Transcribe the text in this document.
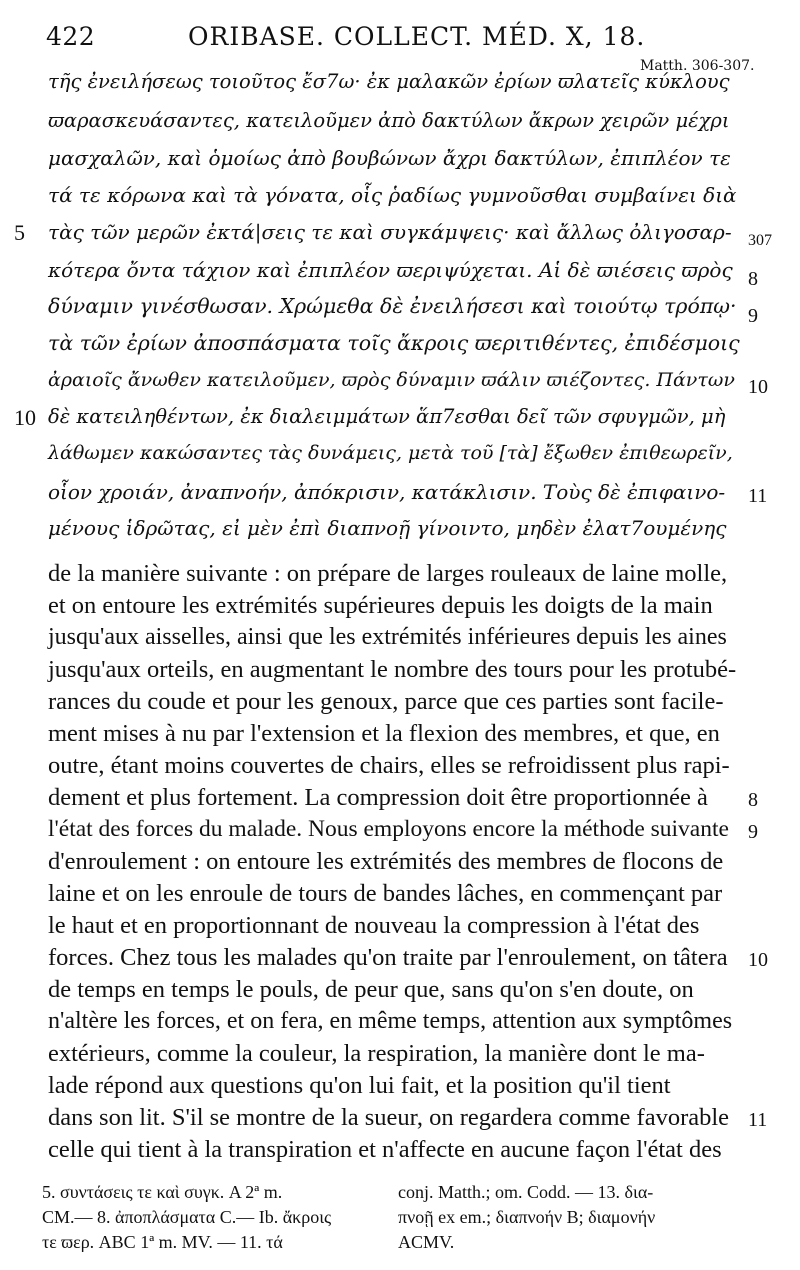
422	ORIBASE. COLLECT. MÉD. X, 18.
Matth. 306-307.
τῆς ἐνειλήσεως τοιοῦτος ἔσ7ω· ἐκ μαλακῶν ἐρίων ϖλατεῖς κύκλους
ϖαρασκευάσαντες, κατειλοῦμεν ἀπὸ δακτύλων ἄκρων χειρῶν μέχρι
μασχαλῶν, καὶ ὁμοίως ἀπὸ βουβώνων ἄχρι δακτύλων, ἐπιπλέον τε
τά τε κόρωνα καὶ τὰ γόνατα, οἷς ῥαδίως γυμνοῦσθαι συμβαίνει διὰ
τὰς τῶν μερῶν ἐκτά|σεις τε καὶ συγκάμψεις· καὶ ἄλλως ὀλιγοσαρ-
κότερα ὄντα τάχιον καὶ ἐπιπλέον ϖεριψύχεται. Αἱ δὲ ϖιέσεις ϖρὸς
δύναμιν γινέσθωσαν. Χρώμεθα δὲ ἐνειλήσεσι καὶ τοιούτῳ τρόπῳ·
τὰ τῶν ἐρίων ἀποσπάσματα τοῖς ἄκροις ϖεριτιθέντες, ἐπιδέσμοις
ἀραιοῖς ἄνωθεν κατειλοῦμεν, ϖρὸς δύναμιν ϖάλιν ϖιέζοντες. Πάντων
δὲ κατειληθέντων, ἐκ διαλειμμάτων ἅπ7εσθαι δεῖ τῶν σφυγμῶν, μὴ
λάθωμεν κακώσαντες τὰς δυνάμεις, μετὰ τοῦ [τὰ] ἔξωθεν ἐπιθεωρεῖν,
οἷον χροιάν, ἀναπνοήν, ἀπόκρισιν, κατάκλισιν. Τοὺς δὲ ἐπιφαινο-
μένους ἱδρῶτας, εἰ μὲν ἐπὶ διαπνοῇ γίνοιντο, μηδὲν ἐλατ7ουμένης
5
10
307
8
9
10
11
de la manière suivante : on prépare de larges rouleaux de laine molle,
et on entoure les extrémités supérieures depuis les doigts de la main
jusqu'aux aisselles, ainsi que les extrémités inférieures depuis les aines
jusqu'aux orteils, en augmentant le nombre des tours pour les protubé-
rances du coude et pour les genoux, parce que ces parties sont facile-
ment mises à nu par l'extension et la flexion des membres, et que, en
outre, étant moins couvertes de chairs, elles se refroidissent plus rapi-
dement et plus fortement. La compression doit être proportionnée à
l'état des forces du malade. Nous employons encore la méthode suivante
d'enroulement : on entoure les extrémités des membres de flocons de
laine et on les enroule de tours de bandes lâches, en commençant par
le haut et en proportionnant de nouveau la compression à l'état des
forces. Chez tous les malades qu'on traite par l'enroulement, on tâtera
de temps en temps le pouls, de peur que, sans qu'on s'en doute, on
n'altère les forces, et on fera, en même temps, attention aux symptômes
extérieurs, comme la couleur, la respiration, la manière dont le ma-
lade répond aux questions qu'on lui fait, et la position qu'il tient
dans son lit. S'il se montre de la sueur, on regardera comme favorable
celle qui tient à la transpiration et n'affecte en aucune façon l'état des
8
9
10
11
5. συντάσεις τε καὶ συγκ. A 2ª m.
CM.— 8. ἀποπλάσματα C.— Ib. ἄκροις
τε ϖερ. ABC 1ª m. MV. — 11. τά
conj. Matth.; om. Codd. — 13. δια-
πνοῇ ex em.; διαπνοήν B; διαμονήν
ACMV.
